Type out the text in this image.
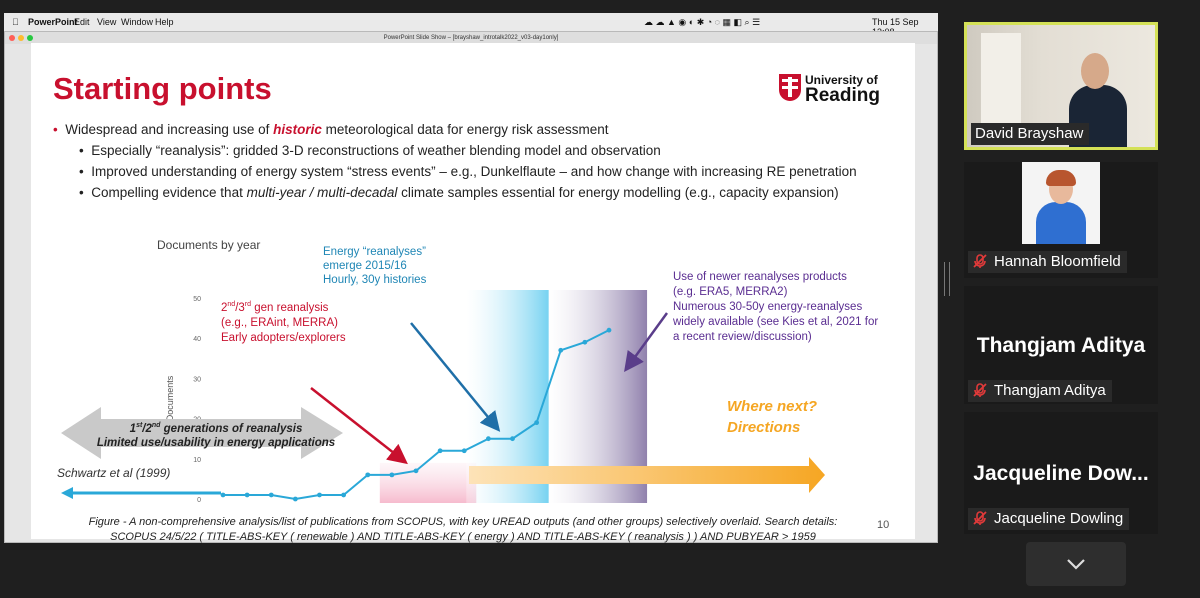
PowerPoint
Edit View Window Help	☁ ☁ ▲ ◉ ◐ ✱ ◔ ◌ ▦ ◧ ⌕ ☰	Thu 15 Sep
PowerPoint Slide Show – [brayshaw_introtalk2022_v03-day1only]
Starting points	University of
Reading
• Widespread and increasing use of historic meteorological data for energy risk assessment
•  Especially “reanalysis”: gridded 3-D reconstructions of weather blending model and observation
•  Improved understanding of energy system “stress events” – e.g., Dunkelflaute – and how change with increasing RE penetration
•  Compelling evidence that multi-year / multi-decadal climate samples essential for energy modelling (e.g., capacity expansion)
0
10
30
40
50
Documents
Documents by year	Energy “reanalyses”
emerge 2015/16
Hourly, 30y histories
2nd/3rd gen reanalysis
(e.g., ERAint, MERRA)
Early adopters/explorers
Use of newer reanalyses products
(e.g. ERA5, MERRA2)
Numerous 30-50y energy-reanalyses
widely available (see Kies et al, 2021 for
a recent review/discussion)
1st/2nd generations of reanalysis
Limited use/usability in energy applications
Where next?
Directions
Schwartz et al (1999)
Figure - A non-comprehensive analysis/list of publications from SCOPUS, with key UREAD outputs (and other groups) selectively overlaid. Search details:
SCOPUS 24/5/22 ( TITLE-ABS-KEY ( renewable ) AND TITLE-ABS-KEY ( energy ) AND TITLE-ABS-KEY ( reanalysis ) ) AND PUBYEAR > 1959
10
David Brayshaw
Hannah Bloomfield
Thangjam Aditya
Thangjam Aditya
Jacqueline Dow...
Jacqueline Dowling
